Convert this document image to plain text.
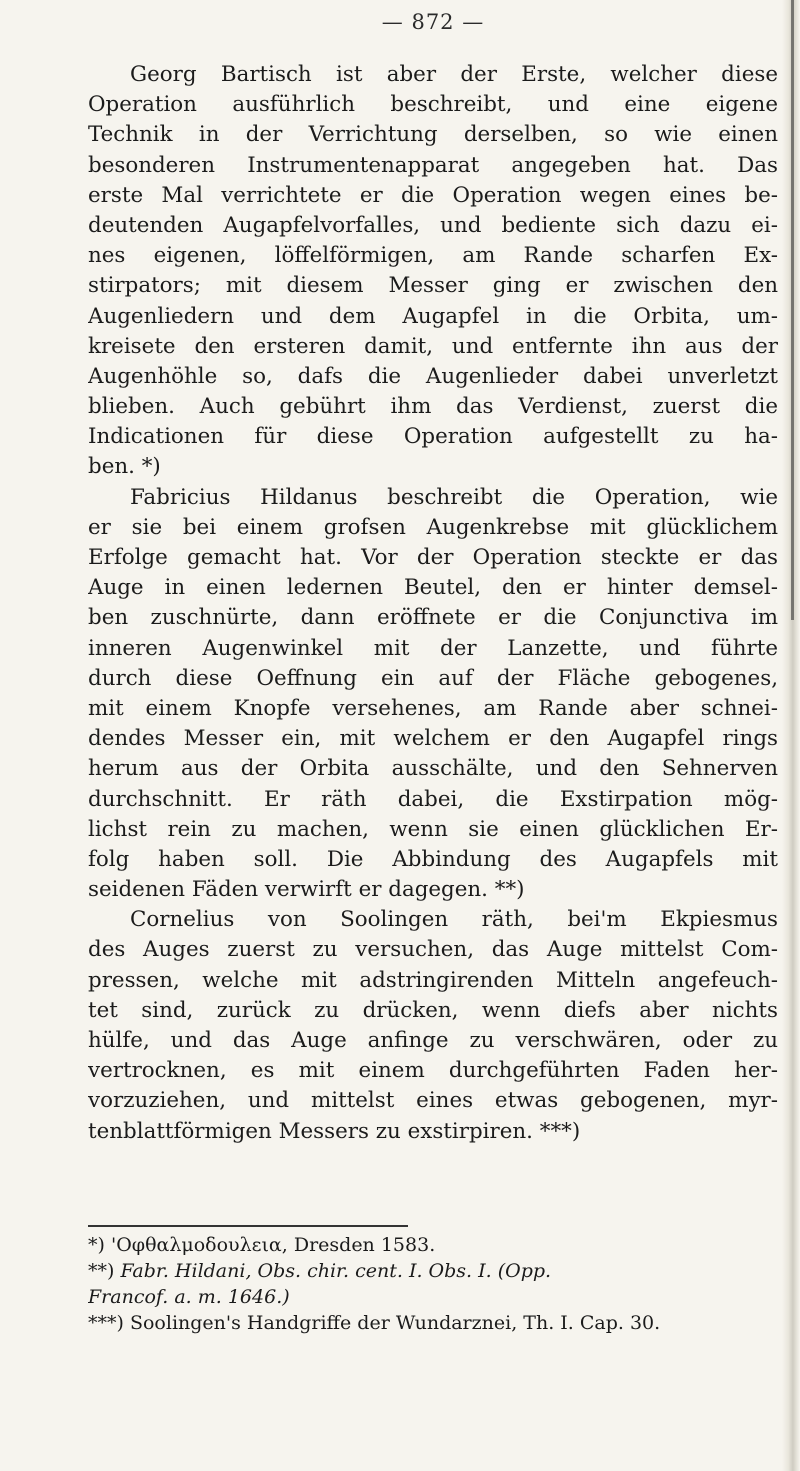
— 872 —
Georg Bartisch ist aber der Erste, welcher diese
Operation ausführlich beschreibt, und eine eigene
Technik in der Verrichtung derselben, so wie einen
besonderen Instrumentenapparat angegeben hat. Das
erste Mal verrichtete er die Operation wegen eines be-
deutenden Augapfelvorfalles, und bediente sich dazu ei-
nes eigenen, löffelförmigen, am Rande scharfen Ex-
stirpators; mit diesem Messer ging er zwischen den
Augenliedern und dem Augapfel in die Orbita, um-
kreisete den ersteren damit, und entfernte ihn aus der
Augenhöhle so, dafs die Augenlieder dabei unverletzt
blieben. Auch gebührt ihm das Verdienst, zuerst die
Indicationen für diese Operation aufgestellt zu ha-
ben. *)
Fabricius Hildanus beschreibt die Operation, wie
er sie bei einem grofsen Augenkrebse mit glücklichem
Erfolge gemacht hat. Vor der Operation steckte er das
Auge in einen ledernen Beutel, den er hinter demsel-
ben zuschnürte, dann eröffnete er die Conjunctiva im
inneren Augenwinkel mit der Lanzette, und führte
durch diese Oeffnung ein auf der Fläche gebogenes,
mit einem Knopfe versehenes, am Rande aber schnei-
dendes Messer ein, mit welchem er den Augapfel rings
herum aus der Orbita ausschälte, und den Sehnerven
durchschnitt. Er räth dabei, die Exstirpation mög-
lichst rein zu machen, wenn sie einen glücklichen Er-
folg haben soll. Die Abbindung des Augapfels mit
seidenen Fäden verwirft er dagegen. **)
Cornelius von Soolingen räth, bei'm Ekpiesmus
des Auges zuerst zu versuchen, das Auge mittelst Com-
pressen, welche mit adstringirenden Mitteln angefeuch-
tet sind, zurück zu drücken, wenn diefs aber nichts
hülfe, und das Auge anfinge zu verschwären, oder zu
vertrocknen, es mit einem durchgeführten Faden her-
vorzuziehen, und mittelst eines etwas gebogenen, myr-
tenblattförmigen Messers zu exstirpiren. ***)
*) 'Οφθαλμοδουλεια, Dresden 1583.
**) Fabr. Hildani, Obs. chir. cent. I. Obs. I. (Opp.
Francof. a. m. 1646.)
***) Soolingen's Handgriffe der Wundarznei, Th. I. Cap. 30.
